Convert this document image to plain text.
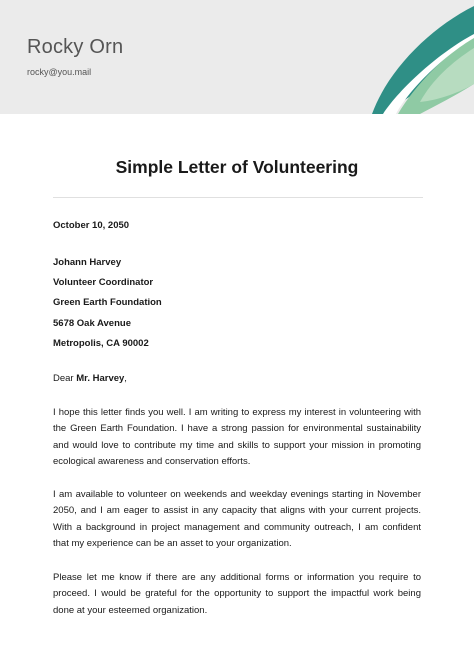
Rocky Orn
rocky@you.mail
Simple Letter of Volunteering
October 10, 2050
Johann Harvey
Volunteer Coordinator
Green Earth Foundation
5678 Oak Avenue
Metropolis, CA 90002
Dear Mr. Harvey,
I hope this letter finds you well. I am writing to express my interest in volunteering with the Green Earth Foundation. I have a strong passion for environmental sustainability and would love to contribute my time and skills to support your mission in promoting ecological awareness and conservation efforts.
I am available to volunteer on weekends and weekday evenings starting in November 2050, and I am eager to assist in any capacity that aligns with your current projects. With a background in project management and community outreach, I am confident that my experience can be an asset to your organization.
Please let me know if there are any additional forms or information you require to proceed. I would be grateful for the opportunity to support the impactful work being done at your esteemed organization.
